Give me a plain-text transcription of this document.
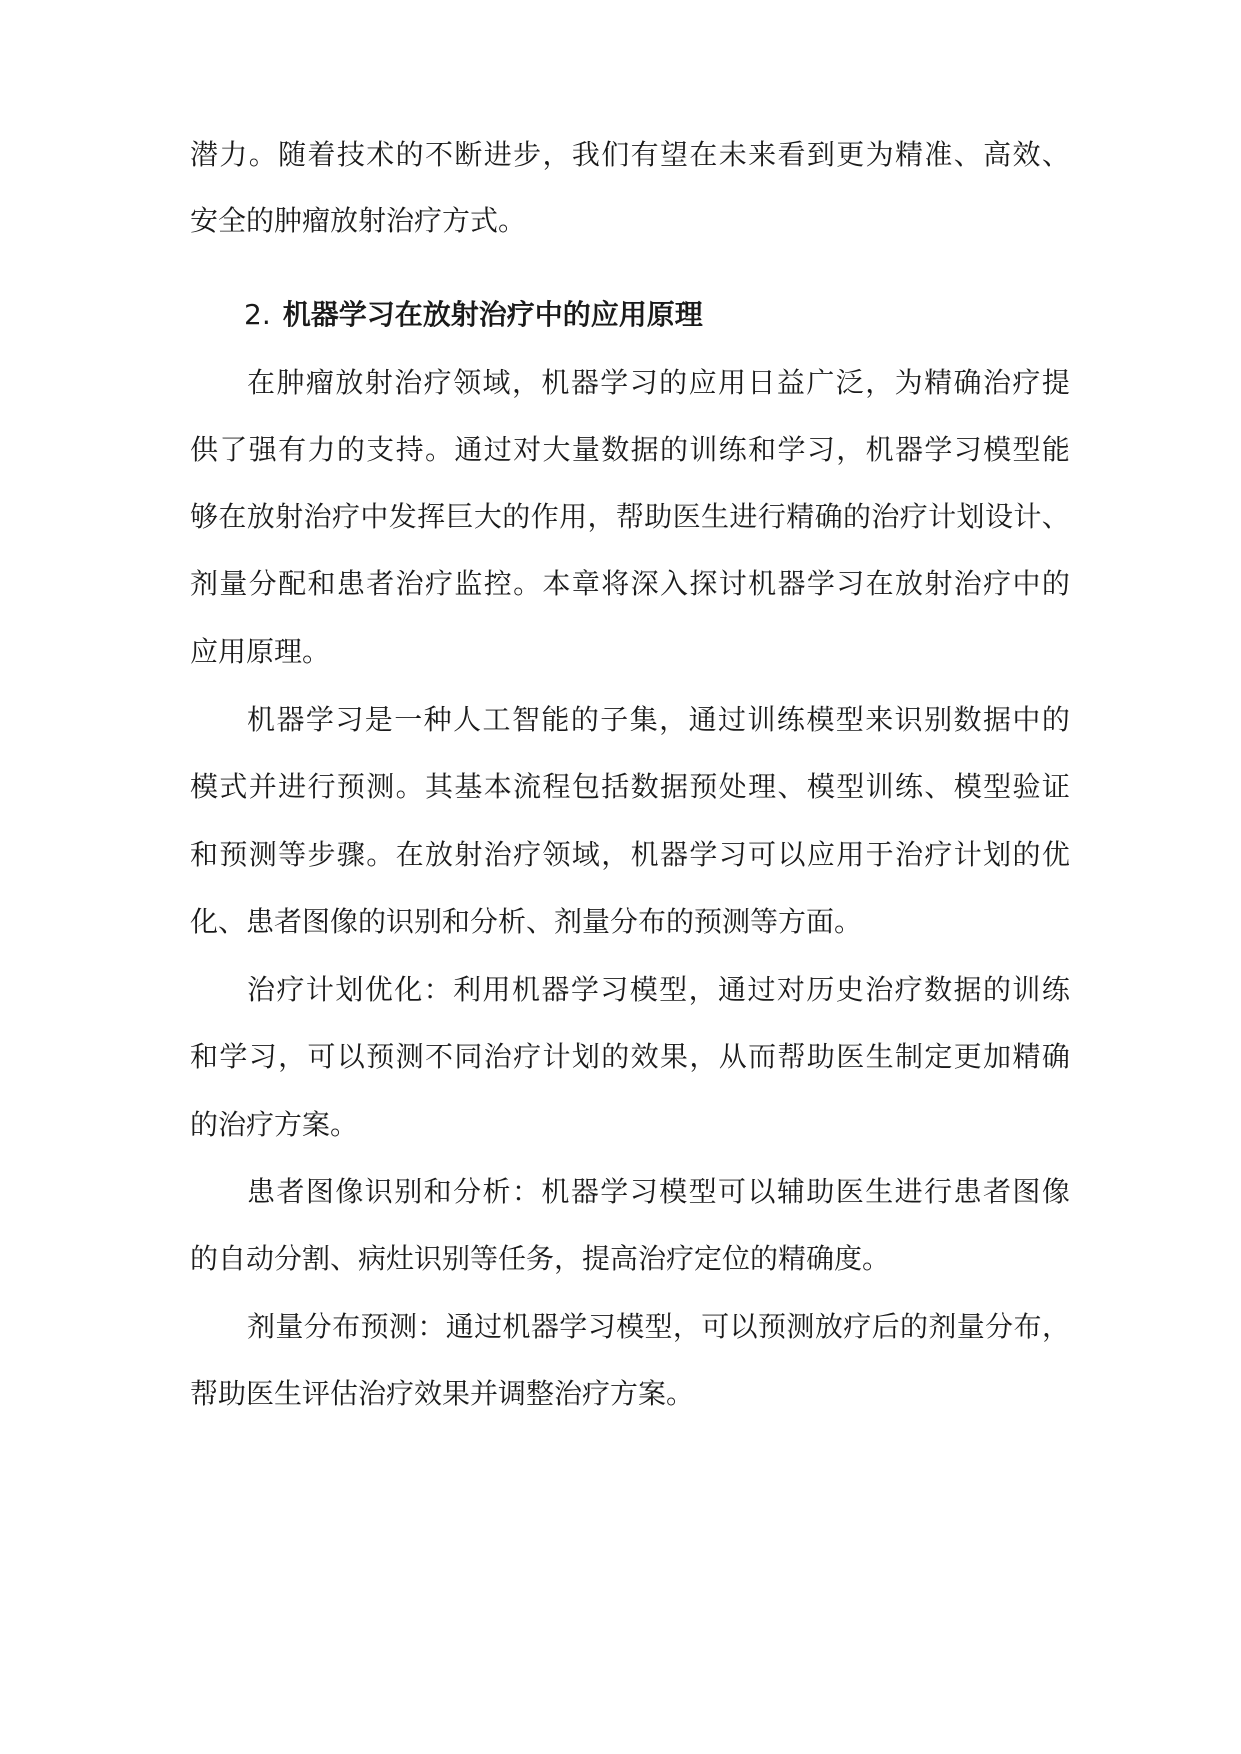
潜 力 。 随 着 技 术 的 不 断 进 步 ， 我 们 有 望 在 未 来 看 到 更 为 精 准 、 高 效 、
安全的肿瘤放射治疗方式。
2. 机器学习在放射治疗中的应用原理
在 肿 瘤 放 射 治 疗 领 域 ， 机 器 学 习 的 应 用 日 益 广 泛 ， 为 精 确 治 疗 提
供 了 强 有 力 的 支 持 。 通 过 对 大 量 数 据 的 训 练 和 学 习 ， 机 器 学 习 模 型 能
够 在 放 射 治 疗 中 发 挥 巨 大 的 作 用 ， 帮 助 医 生 进 行 精 确 的 治 疗 计 划 设 计 、
剂 量 分 配 和 患 者 治 疗 监 控 。 本 章 将 深 入 探 讨 机 器 学 习 在 放 射 治 疗 中 的
应用原理。
机 器 学 习 是 一 种 人 工 智 能 的 子 集 ， 通 过 训 练 模 型 来 识 别 数 据 中 的
模 式 并 进 行 预 测 。 其 基 本 流 程 包 括 数 据 预 处 理 、 模 型 训 练 、 模 型 验 证
和 预 测 等 步 骤 。 在 放 射 治 疗 领 域 ， 机 器 学 习 可 以 应 用 于 治 疗 计 划 的 优
化、患者图像的识别和分析、剂量分布的预测等方面。
治 疗 计 划 优 化 ： 利 用 机 器 学 习 模 型 ， 通 过 对 历 史 治 疗 数 据 的 训 练
和 学 习 ， 可 以 预 测 不 同 治 疗 计 划 的 效 果 ， 从 而 帮 助 医 生 制 定 更 加 精 确
的治疗方案。
患 者 图 像 识 别 和 分 析 ： 机 器 学 习 模 型 可 以 辅 助 医 生 进 行 患 者 图 像
的自动分割、病灶识别等任务，提高治疗定位的精确度。
剂 量 分 布 预 测 ： 通 过 机 器 学 习 模 型 ， 可 以 预 测 放 疗 后 的 剂 量 分 布 ，
帮助医生评估治疗效果并调整治疗方案。
